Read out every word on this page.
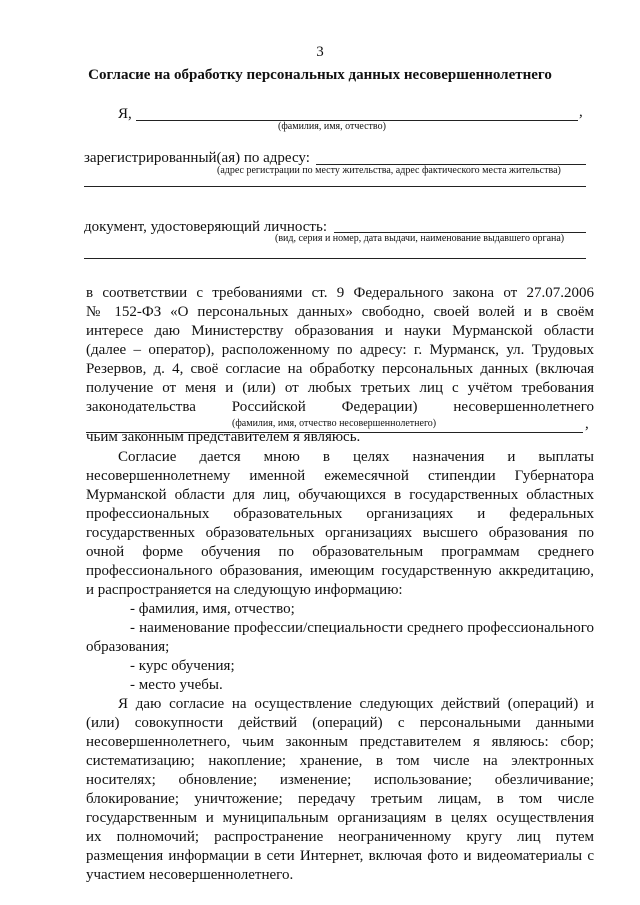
3
Согласие на обработку персональных данных несовершеннолетнего
Я,	,
(фамилия, имя, отчество)
зарегистрированный(ая) по адресу:
(адрес регистрации по месту жительства, адрес фактического места жительства)
документ, удостоверяющий личность:
(вид, серия и номер, дата выдачи, наименование выдавшего органа)
в соответствии с требованиями ст. 9 Федерального закона от 27.07.2006
№ 152-ФЗ «О персональных данных» свободно, своей волей и в своём
интересе даю Министерству образования и науки Мурманской области
(далее – оператор), расположенному по адресу: г. Мурманск, ул. Трудовых
Резервов, д. 4, своё согласие на обработку персональных данных (включая
получение от меня и (или) от любых третьих лиц с учётом требования
законодательства Российской Федерации) несовершеннолетнего
,
(фамилия, имя, отчество несовершеннолетнего)
чьим законным представителем я являюсь.
Согласие дается мною в целях назначения и выплаты
несовершеннолетнему именной ежемесячной стипендии Губернатора
Мурманской области для лиц, обучающихся в государственных областных
профессиональных образовательных организациях и федеральных
государственных образовательных организациях высшего образования по
очной форме обучения по образовательным программам среднего
профессионального образования, имеющим государственную аккредитацию,
и распространяется на следующую информацию:
- фамилия, имя, отчество;
- наименование профессии/специальности среднего профессионального
образования;
- курс обучения;
- место учебы.
Я даю согласие на осуществление следующих действий (операций) и
(или) совокупности действий (операций) с персональными данными
несовершеннолетнего, чьим законным представителем я являюсь: сбор;
систематизацию; накопление; хранение, в том числе на электронных
носителях; обновление; изменение; использование; обезличивание;
блокирование; уничтожение; передачу третьим лицам, в том числе
государственным и муниципальным организациям в целях осуществления
их полномочий; распространение неограниченному кругу лиц путем
размещения информации в сети Интернет, включая фото и видеоматериалы с
участием несовершеннолетнего.
